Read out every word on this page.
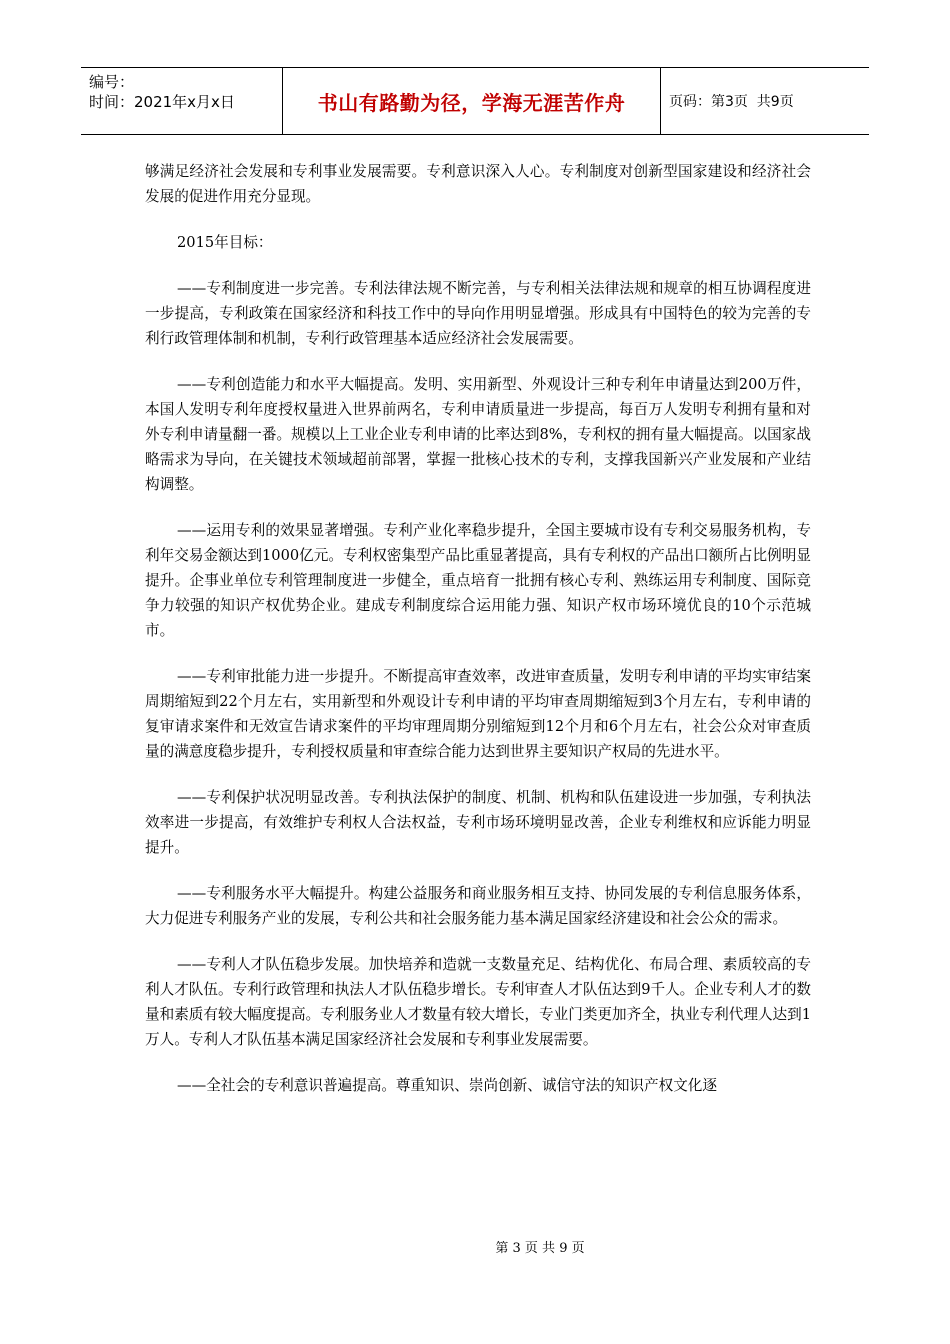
编号：
时间：2021年x月x日	书山有路勤为径，学海无涯苦作舟	页码：第3页  共9页

够满足经济社会发展和专利事业发展需要。专利意识深入人心。专利制度对创新型国家建设和经济社会发展的促进作用充分显现。

2015年目标：

——专利制度进一步完善。专利法律法规不断完善，与专利相关法律法规和规章的相互协调程度进一步提高，专利政策在国家经济和科技工作中的导向作用明显增强。形成具有中国特色的较为完善的专利行政管理体制和机制，专利行政管理基本适应经济社会发展需要。

——专利创造能力和水平大幅提高。发明、实用新型、外观设计三种专利年申请量达到200万件，本国人发明专利年度授权量进入世界前两名，专利申请质量进一步提高，每百万人发明专利拥有量和对外专利申请量翻一番。规模以上工业企业专利申请的比率达到8%，专利权的拥有量大幅提高。以国家战略需求为导向，在关键技术领域超前部署，掌握一批核心技术的专利，支撑我国新兴产业发展和产业结构调整。

——运用专利的效果显著增强。专利产业化率稳步提升，全国主要城市设有专利交易服务机构，专利年交易金额达到1000亿元。专利权密集型产品比重显著提高，具有专利权的产品出口额所占比例明显提升。企事业单位专利管理制度进一步健全，重点培育一批拥有核心专利、熟练运用专利制度、国际竞争力较强的知识产权优势企业。建成专利制度综合运用能力强、知识产权市场环境优良的10个示范城市。

——专利审批能力进一步提升。不断提高审查效率，改进审查质量，发明专利申请的平均实审结案周期缩短到22个月左右，实用新型和外观设计专利申请的平均审查周期缩短到3个月左右，专利申请的复审请求案件和无效宣告请求案件的平均审理周期分别缩短到12个月和6个月左右，社会公众对审查质量的满意度稳步提升，专利授权质量和审查综合能力达到世界主要知识产权局的先进水平。

——专利保护状况明显改善。专利执法保护的制度、机制、机构和队伍建设进一步加强，专利执法效率进一步提高，有效维护专利权人合法权益，专利市场环境明显改善，企业专利维权和应诉能力明显提升。

——专利服务水平大幅提升。构建公益服务和商业服务相互支持、协同发展的专利信息服务体系，大力促进专利服务产业的发展，专利公共和社会服务能力基本满足国家经济建设和社会公众的需求。

——专利人才队伍稳步发展。加快培养和造就一支数量充足、结构优化、布局合理、素质较高的专利人才队伍。专利行政管理和执法人才队伍稳步增长。专利审查人才队伍达到9千人。企业专利人才的数量和素质有较大幅度提高。专利服务业人才数量有较大增长，专业门类更加齐全，执业专利代理人达到1万人。专利人才队伍基本满足国家经济社会发展和专利事业发展需要。

——全社会的专利意识普遍提高。尊重知识、崇尚创新、诚信守法的知识产权文化逐

第 3 页 共 9 页
